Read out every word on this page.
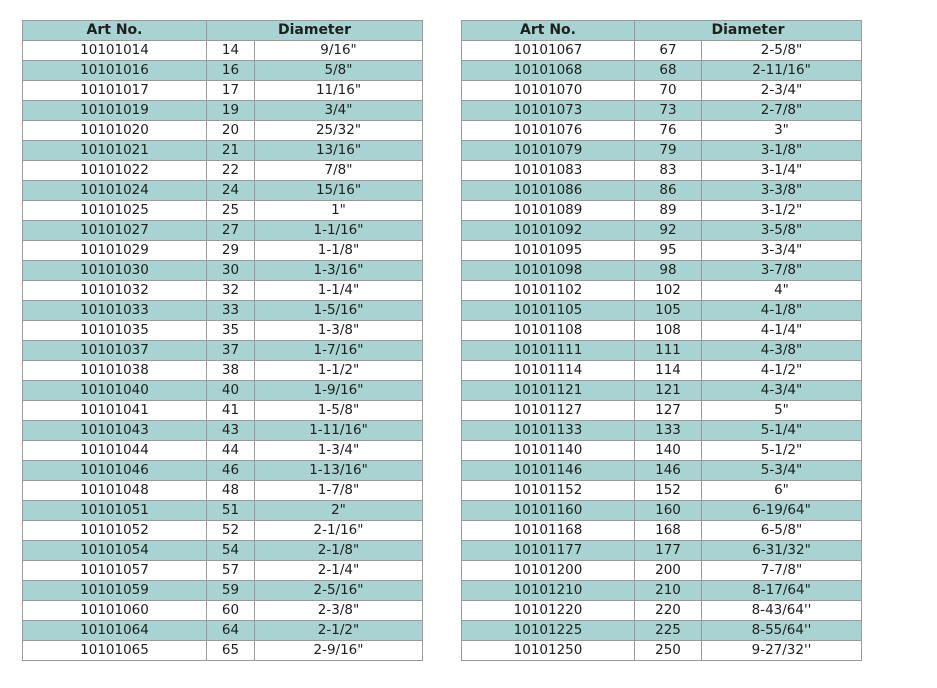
Art No.	Diameter	
10101014	14	9/16"
10101016	16	5/8"
10101017	17	11/16"
10101019	19	3/4"
10101020	20	25/32"
10101021	21	13/16"
10101022	22	7/8"
10101024	24	15/16"
10101025	25	1"
10101027	27	1-1/16"
10101029	29	1-1/8"
10101030	30	1-3/16"
10101032	32	1-1/4"
10101033	33	1-5/16"
10101035	35	1-3/8"
10101037	37	1-7/16"
10101038	38	1-1/2"
10101040	40	1-9/16"
10101041	41	1-5/8"
10101043	43	1-11/16"
10101044	44	1-3/4"
10101046	46	1-13/16"
10101048	48	1-7/8"
10101051	51	2"
10101052	52	2-1/16"
10101054	54	2-1/8"
10101057	57	2-1/4"
10101059	59	2-5/16"
10101060	60	2-3/8"
10101064	64	2-1/2"
10101065	65	2-9/16"
Art No.	Diameter	
10101067	67	2-5/8"
10101068	68	2-11/16"
10101070	70	2-3/4"
10101073	73	2-7/8"
10101076	76	3"
10101079	79	3-1/8"
10101083	83	3-1/4"
10101086	86	3-3/8"
10101089	89	3-1/2"
10101092	92	3-5/8"
10101095	95	3-3/4"
10101098	98	3-7/8"
10101102	102	4"
10101105	105	4-1/8"
10101108	108	4-1/4"
10101111	111	4-3/8"
10101114	114	4-1/2"
10101121	121	4-3/4"
10101127	127	5"
10101133	133	5-1/4"
10101140	140	5-1/2"
10101146	146	5-3/4"
10101152	152	6"
10101160	160	6-19/64"
10101168	168	6-5/8"
10101177	177	6-31/32"
10101200	200	7-7/8"
10101210	210	8-17/64"
10101220	220	8-43/64''
10101225	225	8-55/64''
10101250	250	9-27/32''
